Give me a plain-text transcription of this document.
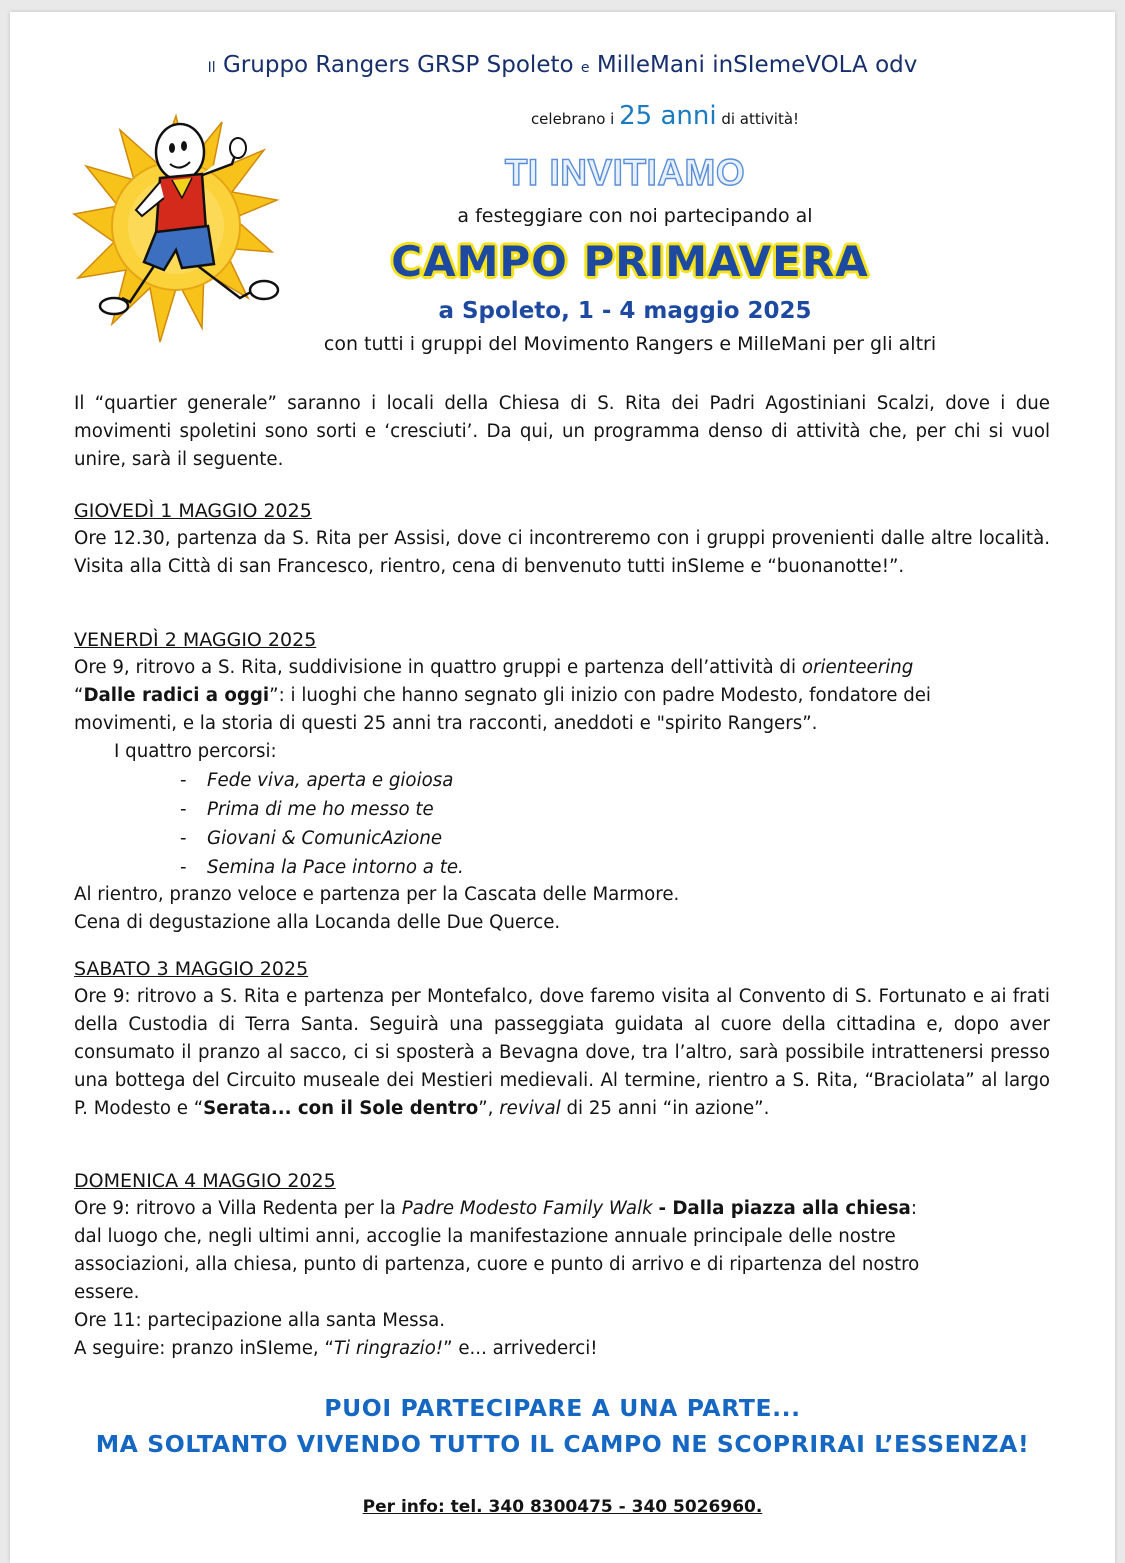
Il Gruppo Rangers GRSP Spoleto e MilleMani inSIemeVOLA odv
celebrano i 25 anni di attività!
TI INVITIAMO
a festeggiare con noi partecipando al
CAMPO PRIMAVERA
a Spoleto, 1 - 4 maggio 2025
con tutti i gruppi del Movimento Rangers e MilleMani per gli altri
Il “quartier generale” saranno i locali della Chiesa di S. Rita dei Padri Agostiniani Scalzi, dove i due movimenti spoletini sono sorti e ‘cresciuti’. Da qui, un programma denso di attività che, per chi si vuol unire, sarà il seguente.
GIOVEDÌ 1 MAGGIO 2025
Ore 12.30, partenza da S. Rita per Assisi, dove ci incontreremo con i gruppi provenienti dalle altre località. Visita alla Città di san Francesco, rientro, cena di benvenuto tutti inSIeme e “buonanotte!”.
VENERDÌ 2 MAGGIO 2025
Ore 9, ritrovo a S. Rita, suddivisione in quattro gruppi e partenza dell’attività di orienteering
“Dalle radici a oggi”: i luoghi che hanno segnato gli inizio con padre Modesto, fondatore dei
movimenti, e la storia di questi 25 anni tra racconti, aneddoti e "spirito Rangers”.
I quattro percorsi:
- Fede viva, aperta e gioiosa
- Prima di me ho messo te
- Giovani & ComunicAzione
- Semina la Pace intorno a te.
Al rientro, pranzo veloce e partenza per la Cascata delle Marmore.
Cena di degustazione alla Locanda delle Due Querce.
SABATO 3 MAGGIO 2025
Ore 9: ritrovo a S. Rita e partenza per Montefalco, dove faremo visita al Convento di S. Fortunato e ai frati della Custodia di Terra Santa. Seguirà una passeggiata guidata al cuore della cittadina e, dopo aver consumato il pranzo al sacco, ci si sposterà a Bevagna dove, tra l’altro, sarà possibile intrattenersi presso una bottega del Circuito museale dei Mestieri medievali. Al termine, rientro a S. Rita, “Braciolata” al largo P. Modesto e “Serata... con il Sole dentro”, revival di 25 anni “in azione”.
DOMENICA 4 MAGGIO 2025
Ore 9: ritrovo a Villa Redenta per la Padre Modesto Family Walk - Dalla piazza alla chiesa:
dal luogo che, negli ultimi anni, accoglie la manifestazione annuale principale delle nostre associazioni, alla chiesa, punto di partenza, cuore e punto di arrivo e di ripartenza del nostro essere.
Ore 11: partecipazione alla santa Messa.
A seguire: pranzo inSIeme, “Ti ringrazio!” e... arrivederci!
PUOI PARTECIPARE A UNA PARTE...
MA SOLTANTO VIVENDO TUTTO IL CAMPO NE SCOPRIRAI L’ESSENZA!
Per info: tel. 340 8300475 - 340 5026960.
